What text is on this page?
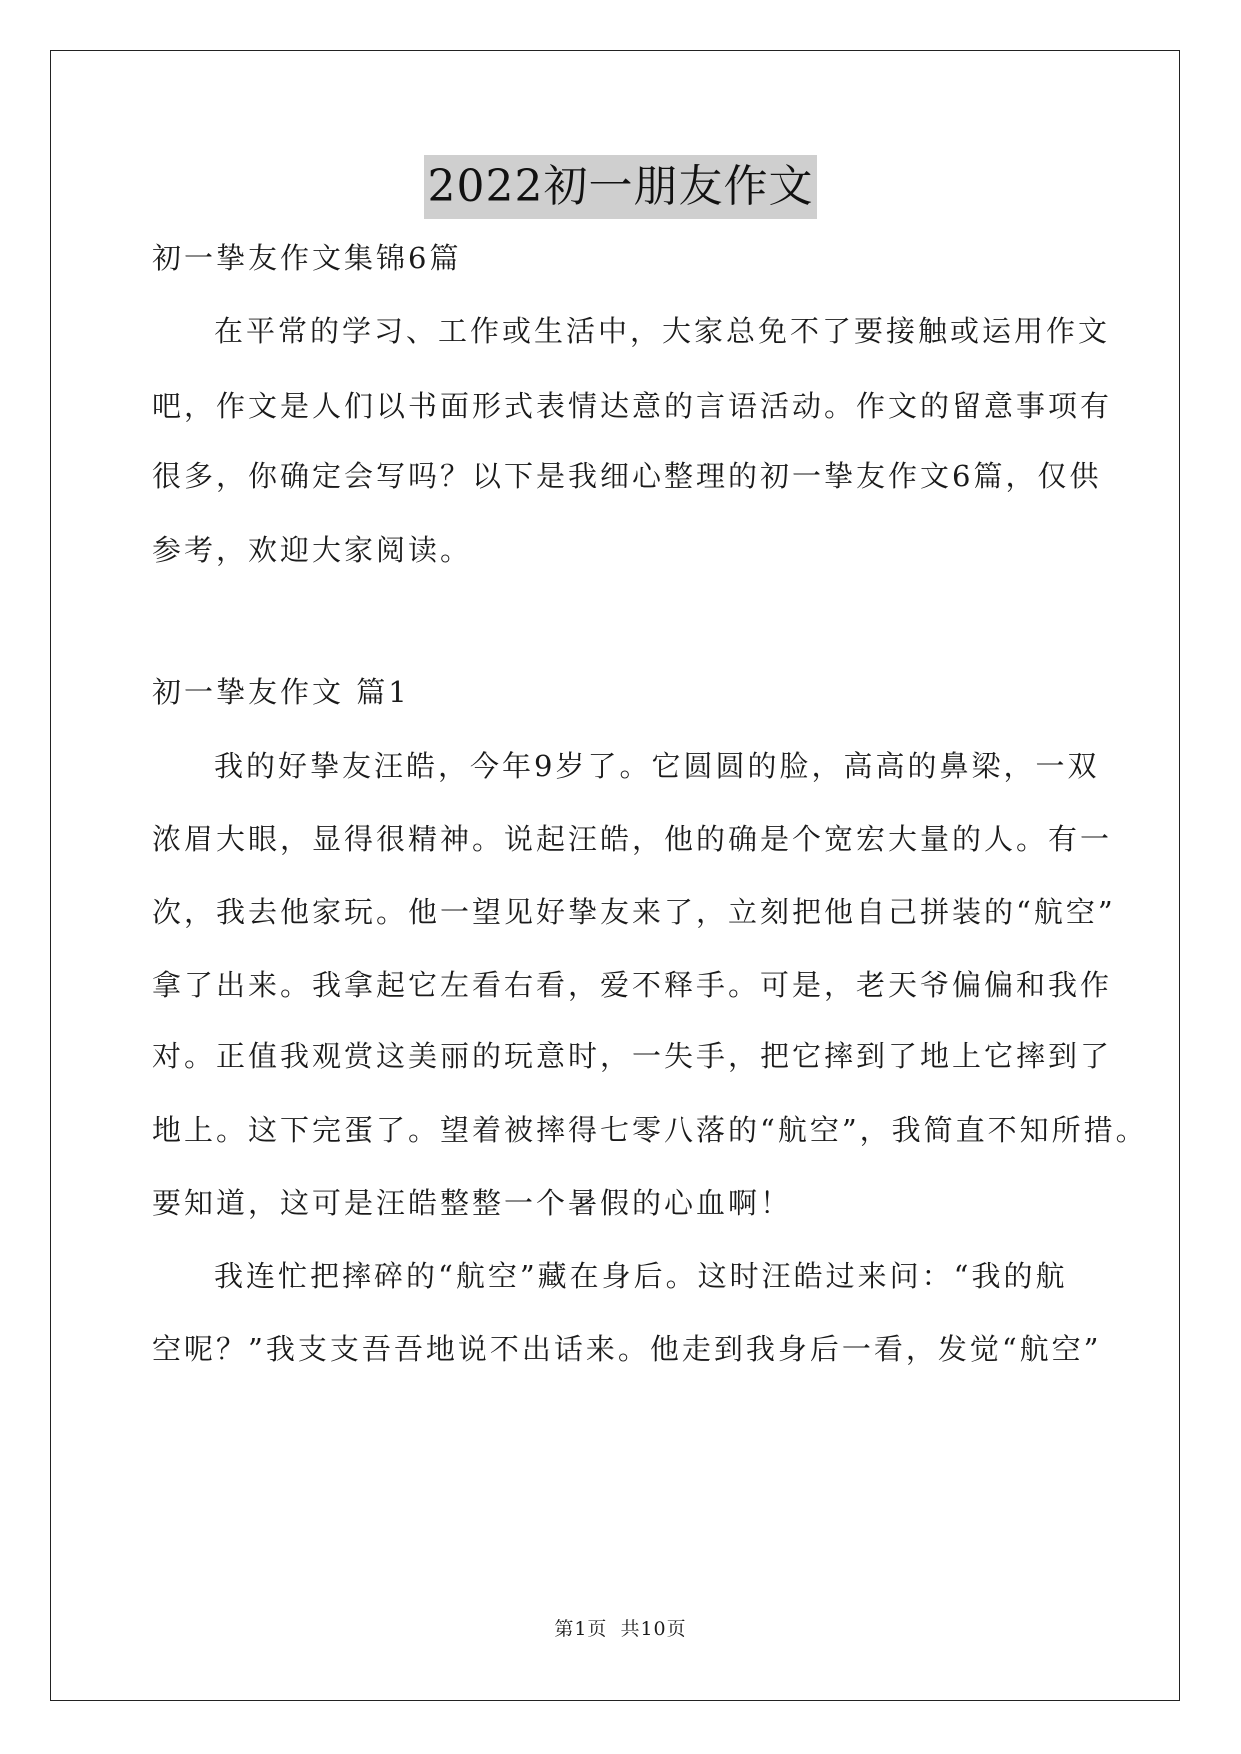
2022初一朋友作文
初一挚友作文集锦6篇
在平常的学习、工作或生活中，大家总免不了要接触或运用作文
吧，作文是人们以书面形式表情达意的言语活动。作文的留意事项有
很多，你确定会写吗？以下是我细心整理的初一挚友作文6篇，仅供
参考，欢迎大家阅读。
初一挚友作文 篇1
我的好挚友汪皓，今年9岁了。它圆圆的脸，高高的鼻梁，一双
浓眉大眼，显得很精神。说起汪皓，他的确是个宽宏大量的人。有一
次，我去他家玩。他一望见好挚友来了，立刻把他自己拼装的“航空”
拿了出来。我拿起它左看右看，爱不释手。可是，老天爷偏偏和我作
对。正值我观赏这美丽的玩意时，一失手，把它摔到了地上它摔到了
地上。这下完蛋了。望着被摔得七零八落的“航空”，我简直不知所措。
要知道，这可是汪皓整整一个暑假的心血啊！
我连忙把摔碎的“航空”藏在身后。这时汪皓过来问：“我的航
空呢？”我支支吾吾地说不出话来。他走到我身后一看，发觉“航空”
第1页 共10页
